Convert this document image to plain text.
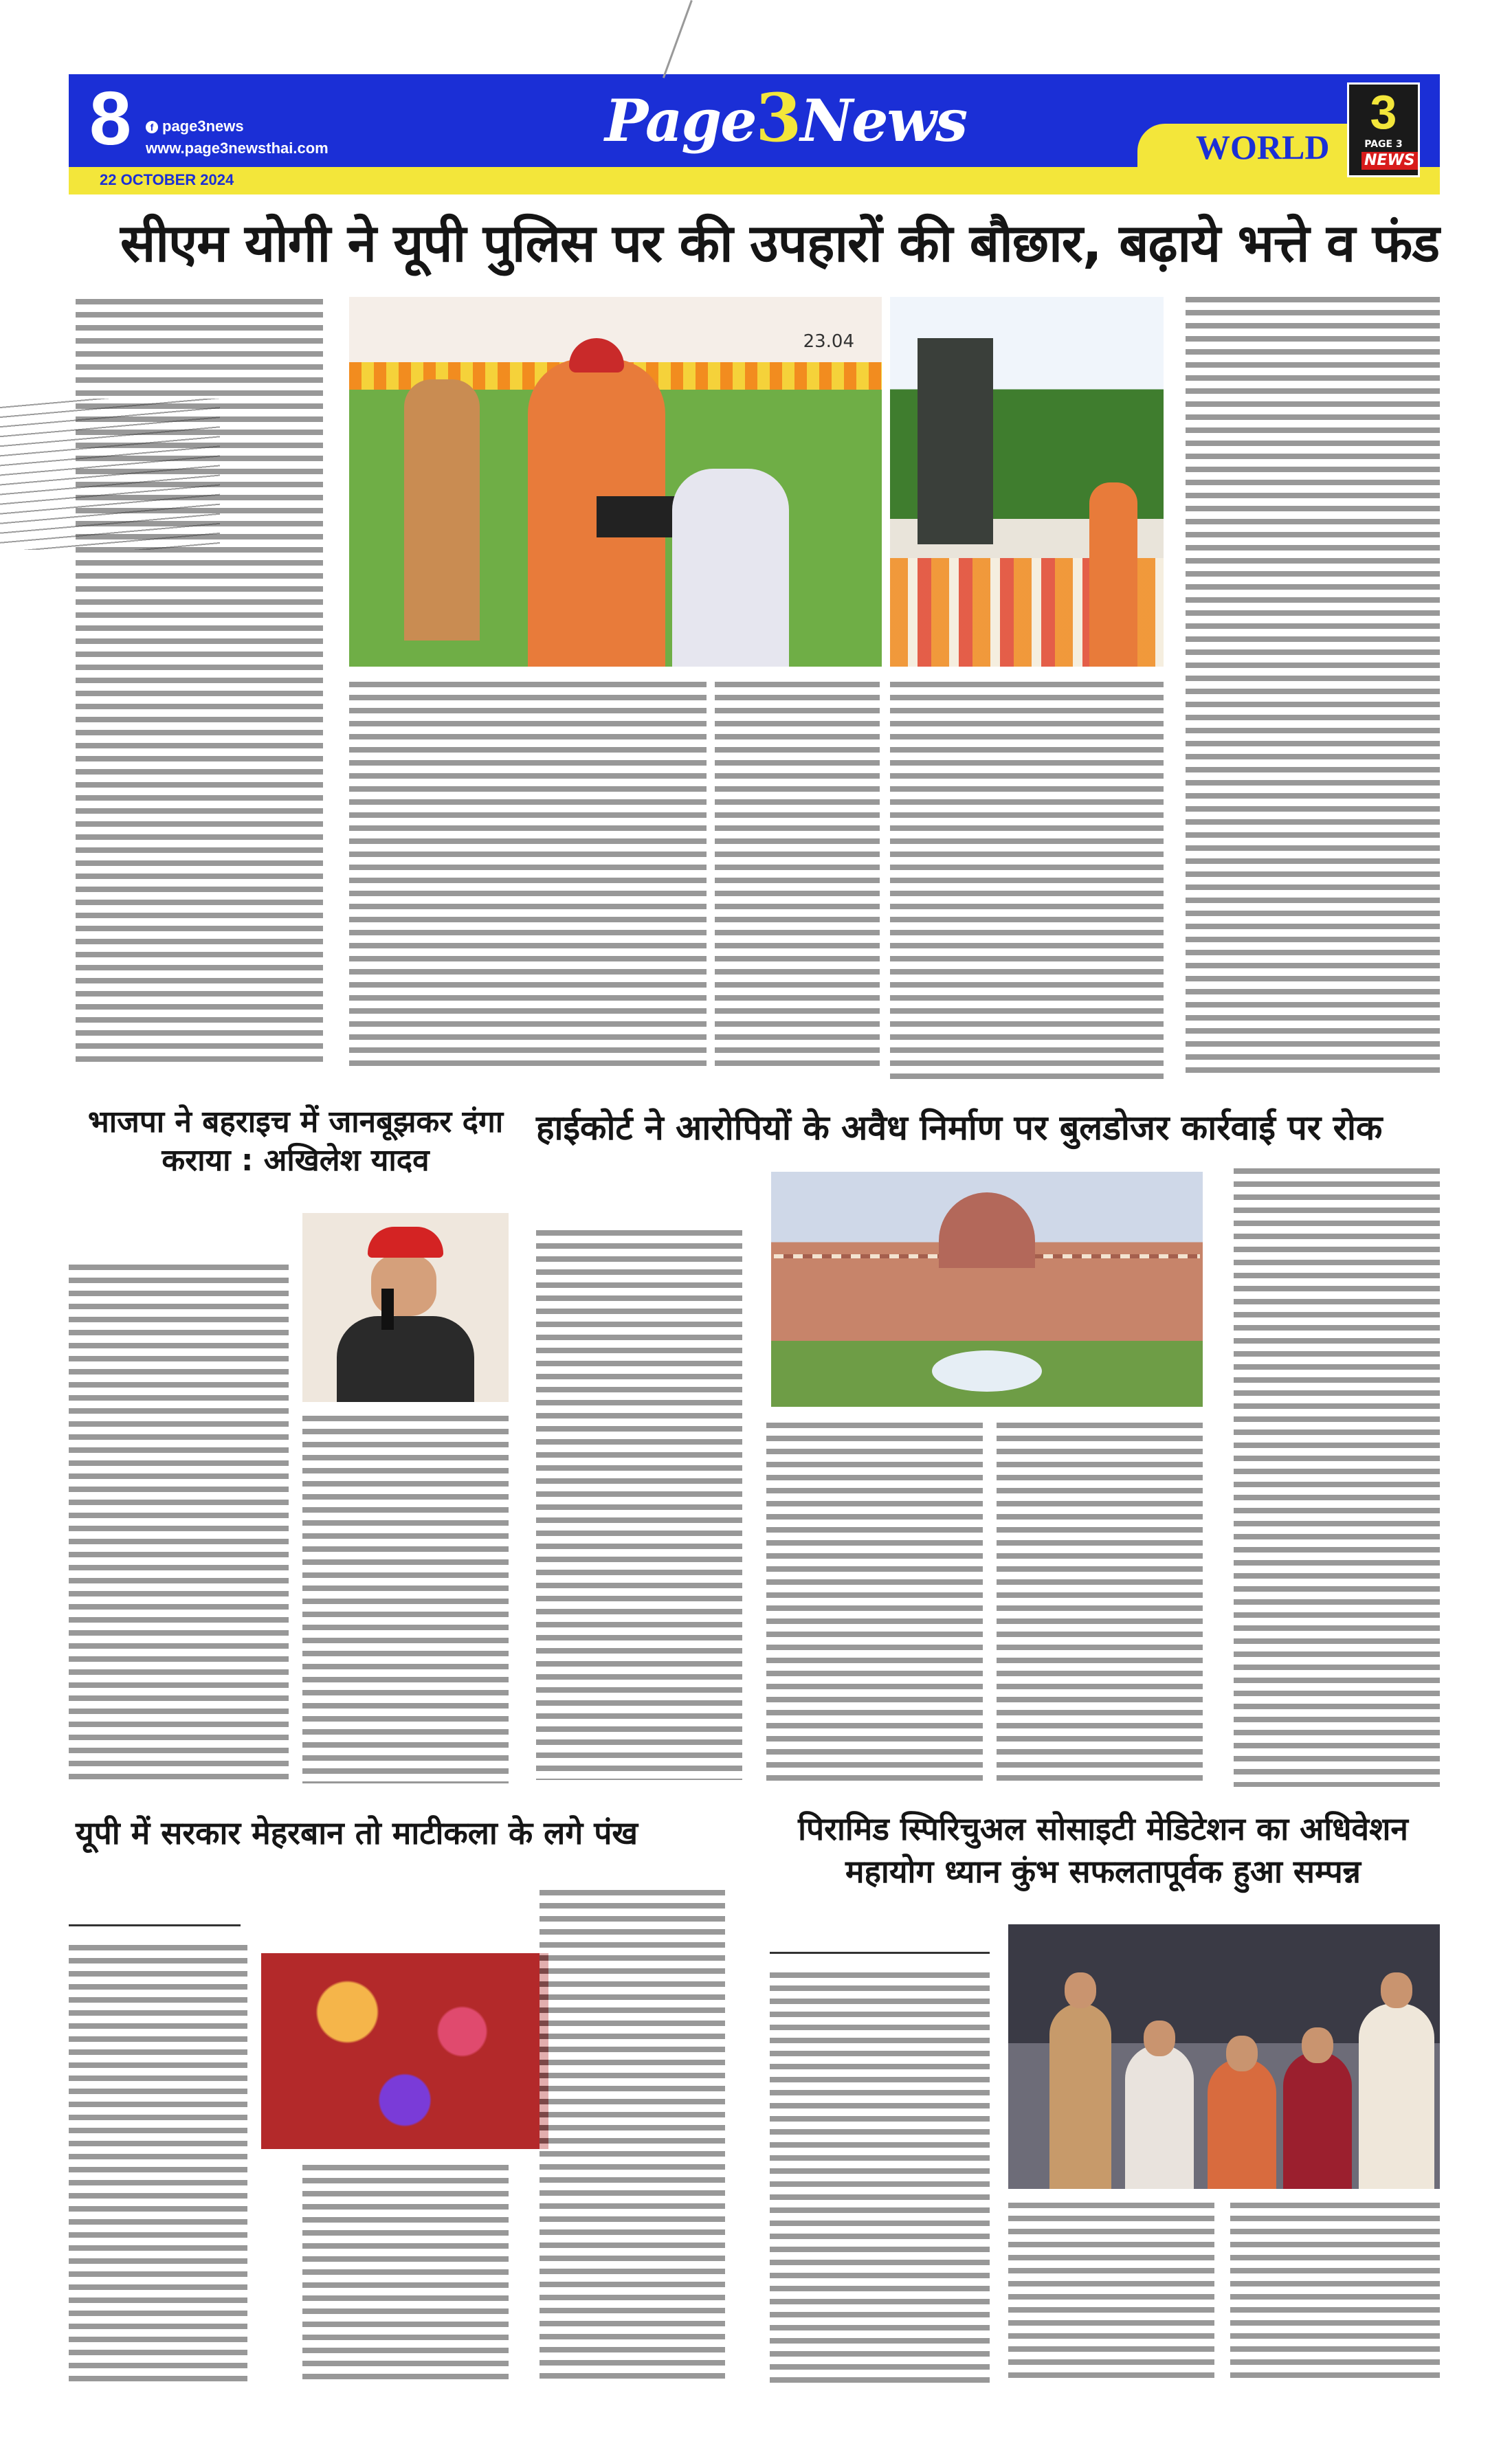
8	f page3news
www.page3newsthai.com
22 OCTOBER 2024
Page3News	WORLD
3
PAGE 3
NEWS
सीएम योगी ने यूपी पुलिस पर की उपहारों की बौछार, बढ़ाये भत्ते व फंड
23.04
भाजपा ने बहराइच में जानबूझकर दंगा कराया : अखिलेश यादव
हाईकोर्ट ने आरोपियों के अवैध निर्माण पर बुलडोजर कार्रवाई पर रोक
यूपी में सरकार मेहरबान तो माटीकला के लगे पंख	पिरामिड स्पिरिचुअल सोसाइटी मेडिटेशन का अधिवेशन महायोग ध्यान कुंभ सफलतापूर्वक हुआ सम्पन्न
